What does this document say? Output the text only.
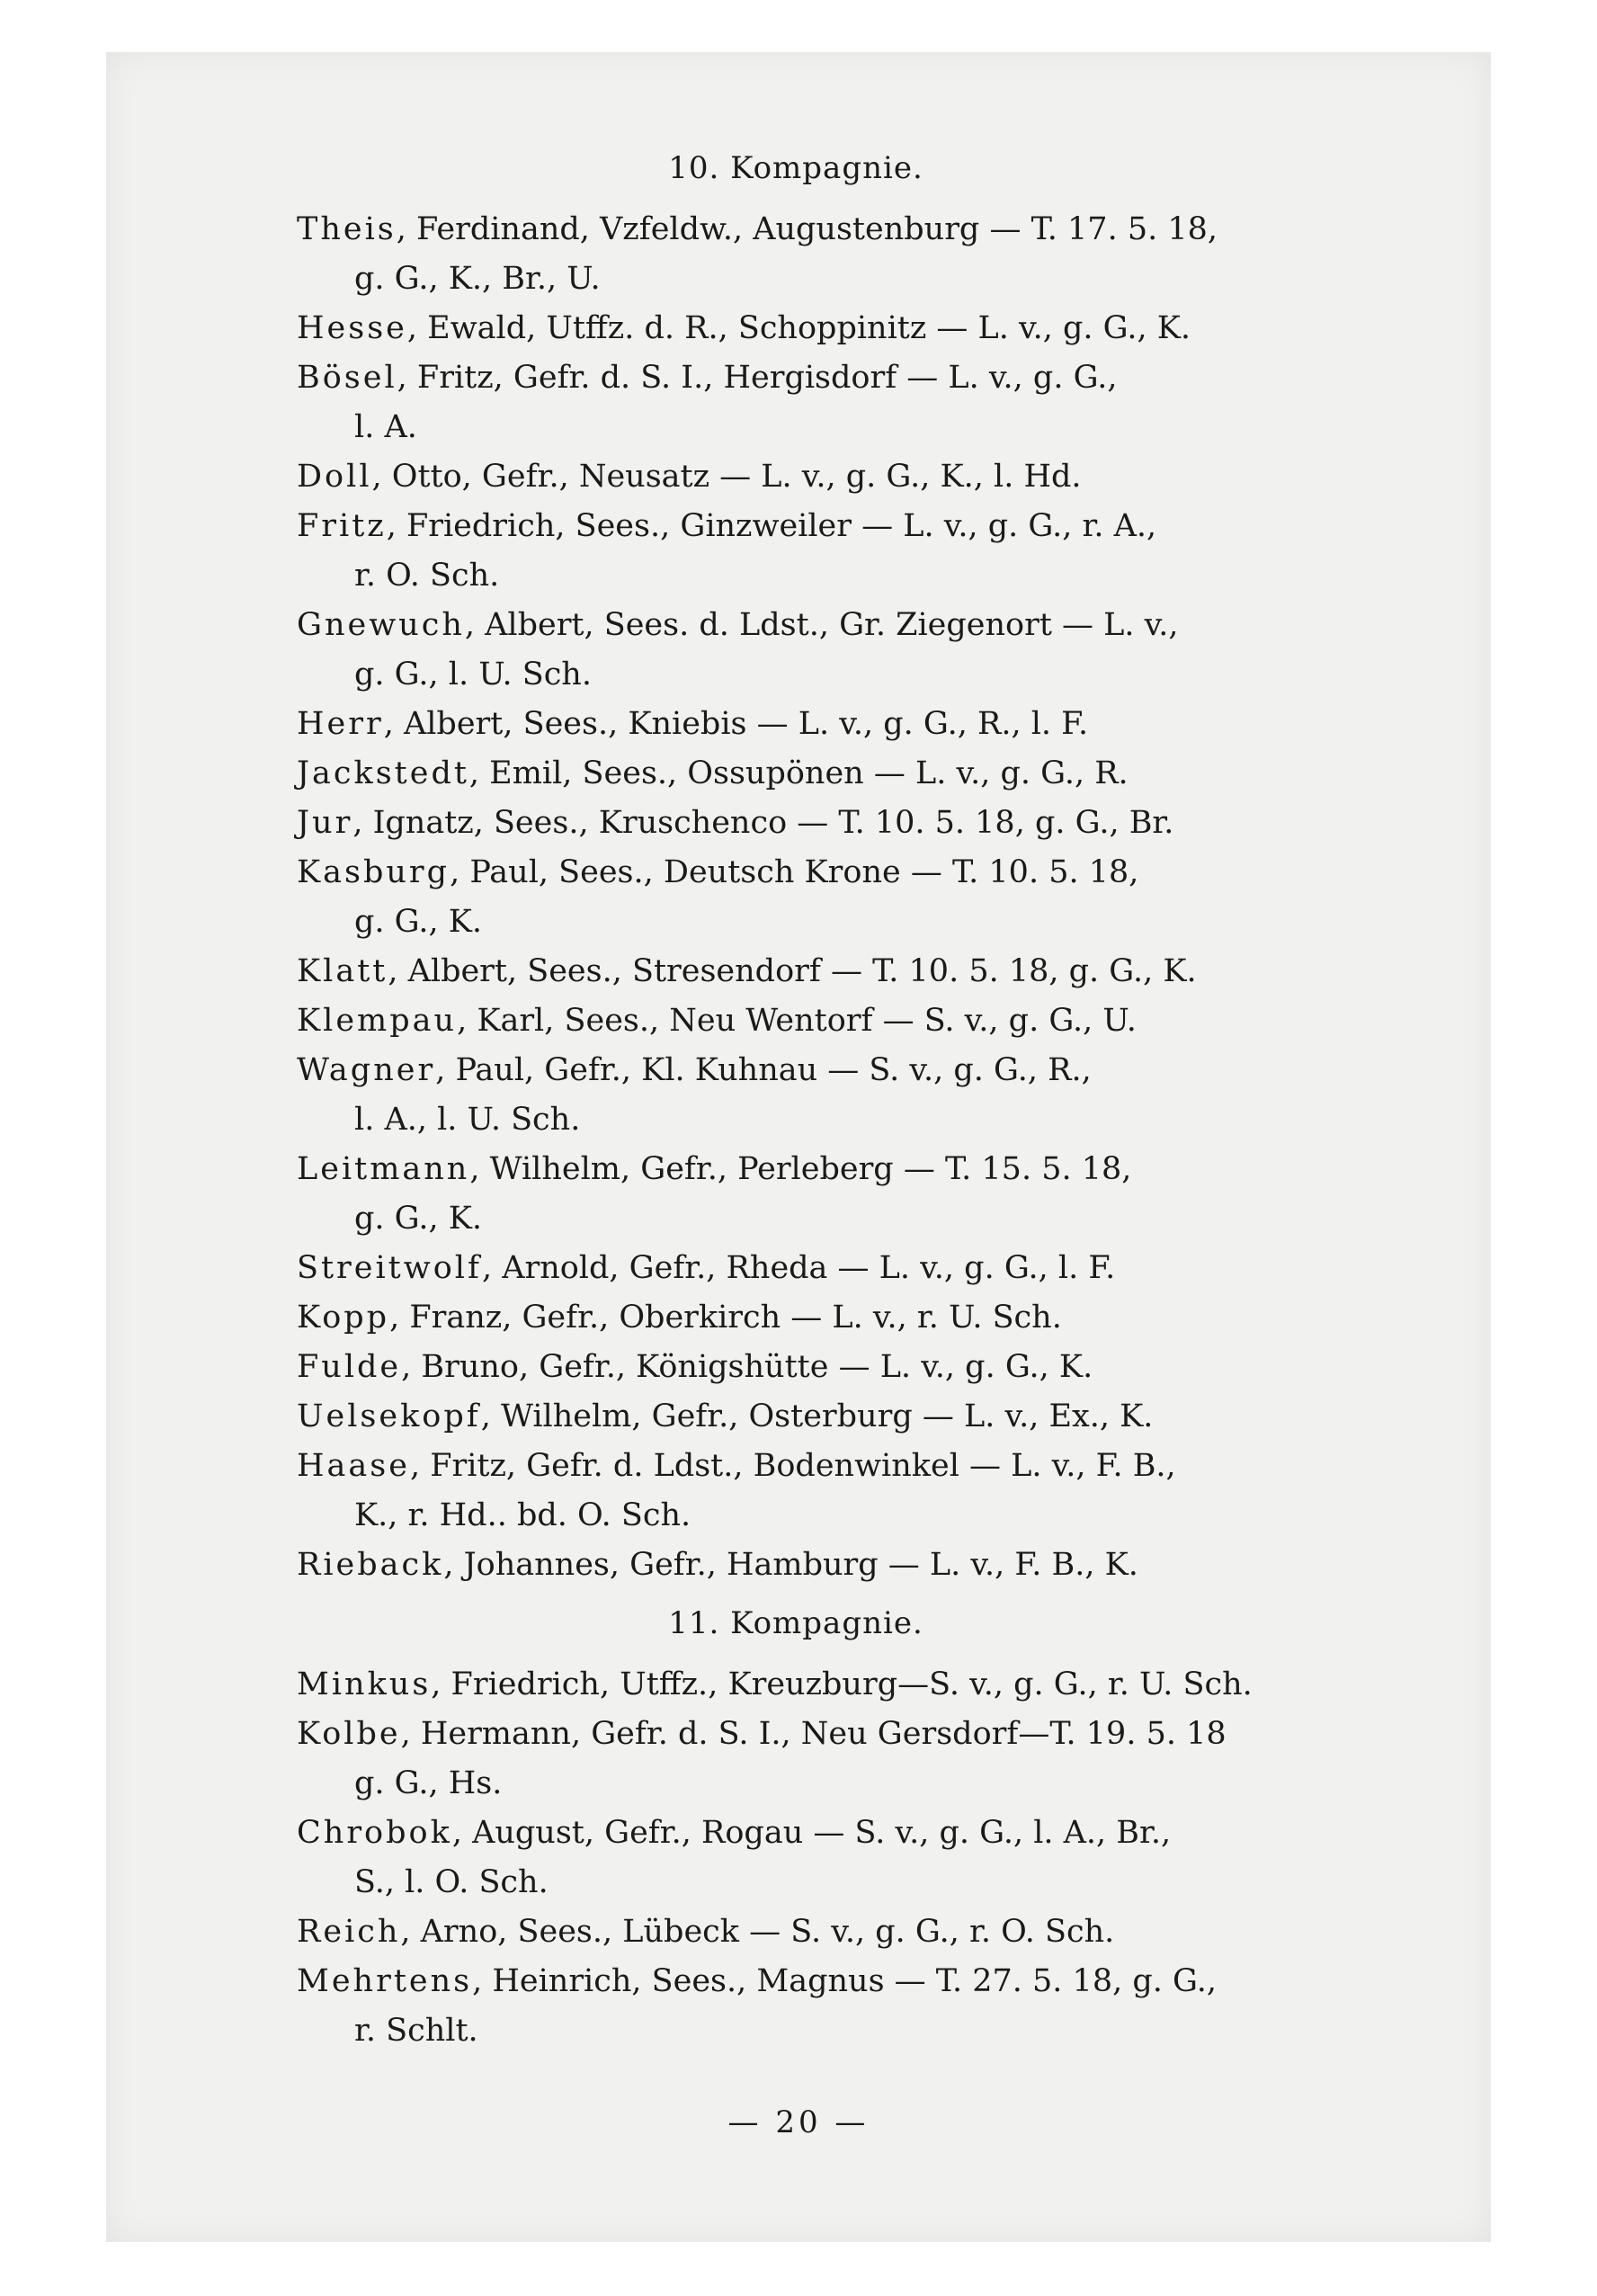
10. Kompagnie.
Theis, Ferdinand, Vzfeldw., Augustenburg — T. 17. 5. 18,
g. G., K., Br., U.
Hesse, Ewald, Utffz. d. R., Schoppinitz — L. v., g. G., K.
Bösel, Fritz, Gefr. d. S. I., Hergisdorf — L. v., g. G.,
l. A.
Doll, Otto, Gefr., Neusatz — L. v., g. G., K., l. Hd.
Fritz, Friedrich, Sees., Ginzweiler — L. v., g. G., r. A.,
r. O. Sch.
Gnewuch, Albert, Sees. d. Ldst., Gr. Ziegenort — L. v.,
g. G., l. U. Sch.
Herr, Albert, Sees., Kniebis — L. v., g. G., R., l. F.
Jackstedt, Emil, Sees., Ossupönen — L. v., g. G., R.
Jur, Ignatz, Sees., Kruschenco — T. 10. 5. 18, g. G., Br.
Kasburg, Paul, Sees., Deutsch Krone — T. 10. 5. 18,
g. G., K.
Klatt, Albert, Sees., Stresendorf — T. 10. 5. 18, g. G., K.
Klempau, Karl, Sees., Neu Wentorf — S. v., g. G., U.
Wagner, Paul, Gefr., Kl. Kuhnau — S. v., g. G., R.,
l. A., l. U. Sch.
Leitmann, Wilhelm, Gefr., Perleberg — T. 15. 5. 18,
g. G., K.
Streitwolf, Arnold, Gefr., Rheda — L. v., g. G., l. F.
Kopp, Franz, Gefr., Oberkirch — L. v., r. U. Sch.
Fulde, Bruno, Gefr., Königshütte — L. v., g. G., K.
Uelsekopf, Wilhelm, Gefr., Osterburg — L. v., Ex., K.
Haase, Fritz, Gefr. d. Ldst., Bodenwinkel — L. v., F. B.,
K., r. Hd.. bd. O. Sch.
Rieback, Johannes, Gefr., Hamburg — L. v., F. B., K.
11. Kompagnie.
Minkus, Friedrich, Utffz., Kreuzburg—S. v., g. G., r. U. Sch.
Kolbe, Hermann, Gefr. d. S. I., Neu Gersdorf—T. 19. 5. 18
g. G., Hs.
Chrobok, August, Gefr., Rogau — S. v., g. G., l. A., Br.,
S., l. O. Sch.
Reich, Arno, Sees., Lübeck — S. v., g. G., r. O. Sch.
Mehrtens, Heinrich, Sees., Magnus — T. 27. 5. 18, g. G.,
r. Schlt.
— 20 —
